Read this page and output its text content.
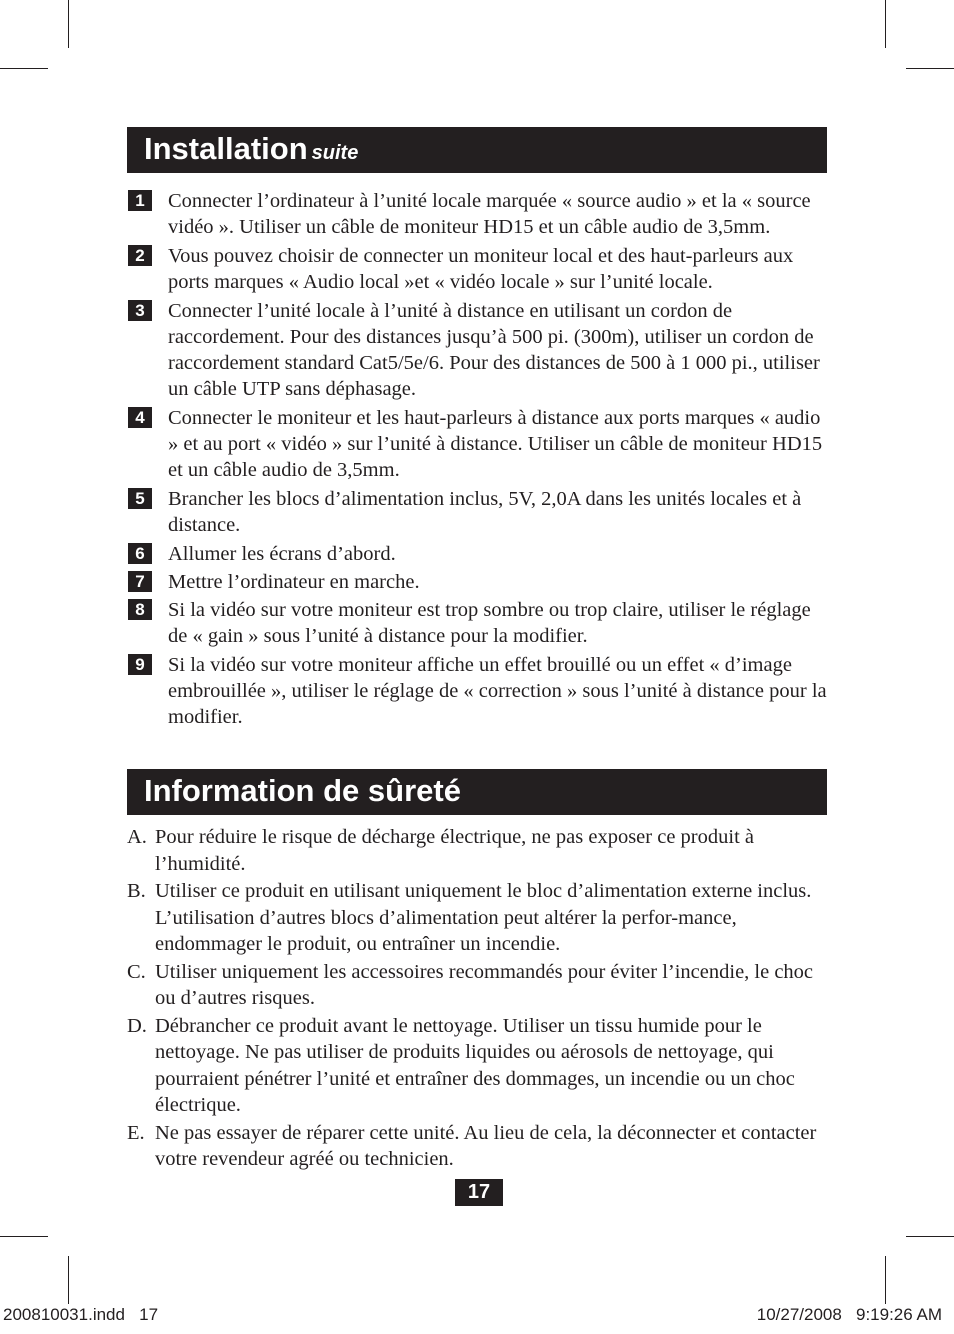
Installation suite
1	Connecter l’ordinateur à l’unité locale marquée « source audio » et la « source vidéo ». Utiliser un câble de moniteur HD15 et un câble audio de 3,5mm.
2	Vous pouvez choisir de connecter un moniteur local et des haut-parleurs aux ports marques « Audio local »et « vidéo locale » sur l’unité locale.
3	Connecter l’unité locale à l’unité à distance en utilisant un cordon de raccordement. Pour des distances jusqu’à 500 pi. (300m), utiliser un cordon de raccordement standard Cat5/5e/6. Pour des distances de 500 à 1 000 pi., utiliser un câble UTP sans déphasage.
4	Connecter le moniteur et les haut-parleurs à distance aux ports marques « audio » et au port « vidéo » sur l’unité à distance. Utiliser un câble de moniteur HD15 et un câble audio de 3,5mm.
5	Brancher les blocs d’alimentation inclus, 5V, 2,0A dans les unités locales et à distance.
6	Allumer les écrans d’abord.
7	Mettre l’ordinateur en marche.
8	Si la vidéo sur votre moniteur est trop sombre ou trop claire, utiliser le réglage de « gain » sous l’unité à distance pour la modifier.
9	Si la vidéo sur votre moniteur affiche un effet brouillé ou un effet « d’image embrouillée », utiliser le réglage de « correction » sous l’unité à distance pour la modifier.
Information de sûreté
A. Pour réduire le risque de décharge électrique, ne pas exposer ce produit à l’humidité.
B. Utiliser ce produit en utilisant uniquement le bloc d’alimentation externe inclus. L’utilisation d’autres blocs d’alimentation peut altérer la perfor-mance, endommager le produit, ou entraîner un incendie.
C. Utiliser uniquement les accessoires recommandés pour éviter l’incendie, le choc ou d’autres risques.
D. Débrancher ce produit avant le nettoyage. Utiliser un tissu humide pour le nettoyage. Ne pas utiliser de produits liquides ou aérosols de nettoyage, qui pourraient pénétrer l’unité et entraîner des dommages, un incendie ou un choc électrique.
E. Ne pas essayer de réparer cette unité. Au lieu de cela, la déconnecter et contacter votre revendeur agréé ou technicien.
17
200810031.indd   17	10/27/2008   9:19:26 AM
